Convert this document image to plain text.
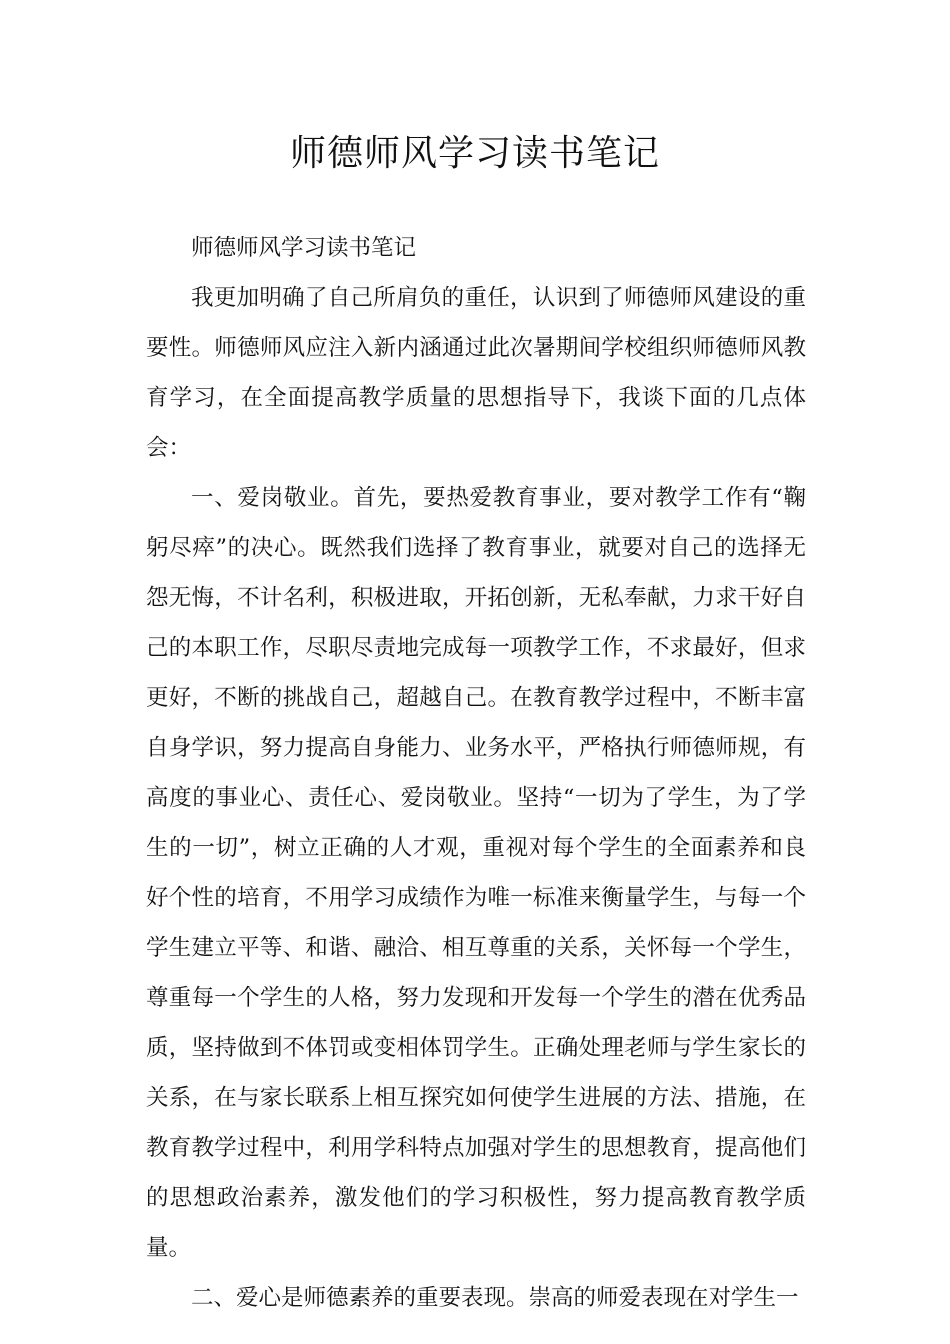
师德师风学习读书笔记

师德师风学习读书笔记

我更加明确了自己所肩负的重任，认识到了师德师风建设的重要性。师德师风应注入新内涵通过此次暑期间学校组织师德师风教育学习，在全面提高教学质量的思想指导下，我谈下面的几点体会：

一、爱岗敬业。首先，要热爱教育事业，要对教学工作有“鞠躬尽瘁”的决心。既然我们选择了教育事业，就要对自己的选择无怨无悔，不计名利，积极进取，开拓创新，无私奉献，力求干好自己的本职工作，尽职尽责地完成每一项教学工作，不求最好，但求更好，不断的挑战自己，超越自己。在教育教学过程中，不断丰富自身学识，努力提高自身能力、业务水平，严格执行师德师规，有高度的事业心、责任心、爱岗敬业。坚持“一切为了学生，为了学生的一切”，树立正确的人才观，重视对每个学生的全面素养和良好个性的培育，不用学习成绩作为唯一标准来衡量学生，与每一个学生建立平等、和谐、融洽、相互尊重的关系，关怀每一个学生，尊重每一个学生的人格，努力发现和开发每一个学生的潜在优秀品质，坚持做到不体罚或变相体罚学生。正确处理老师与学生家长的关系，在与家长联系上相互探究如何使学生进展的方法、措施，在教育教学过程中，利用学科特点加强对学生的思想教育，提高他们的思想政治素养，激发他们的学习积极性，努力提高教育教学质量。

二、爱心是师德素养的重要表现。崇高的师爱表现在对学生一
